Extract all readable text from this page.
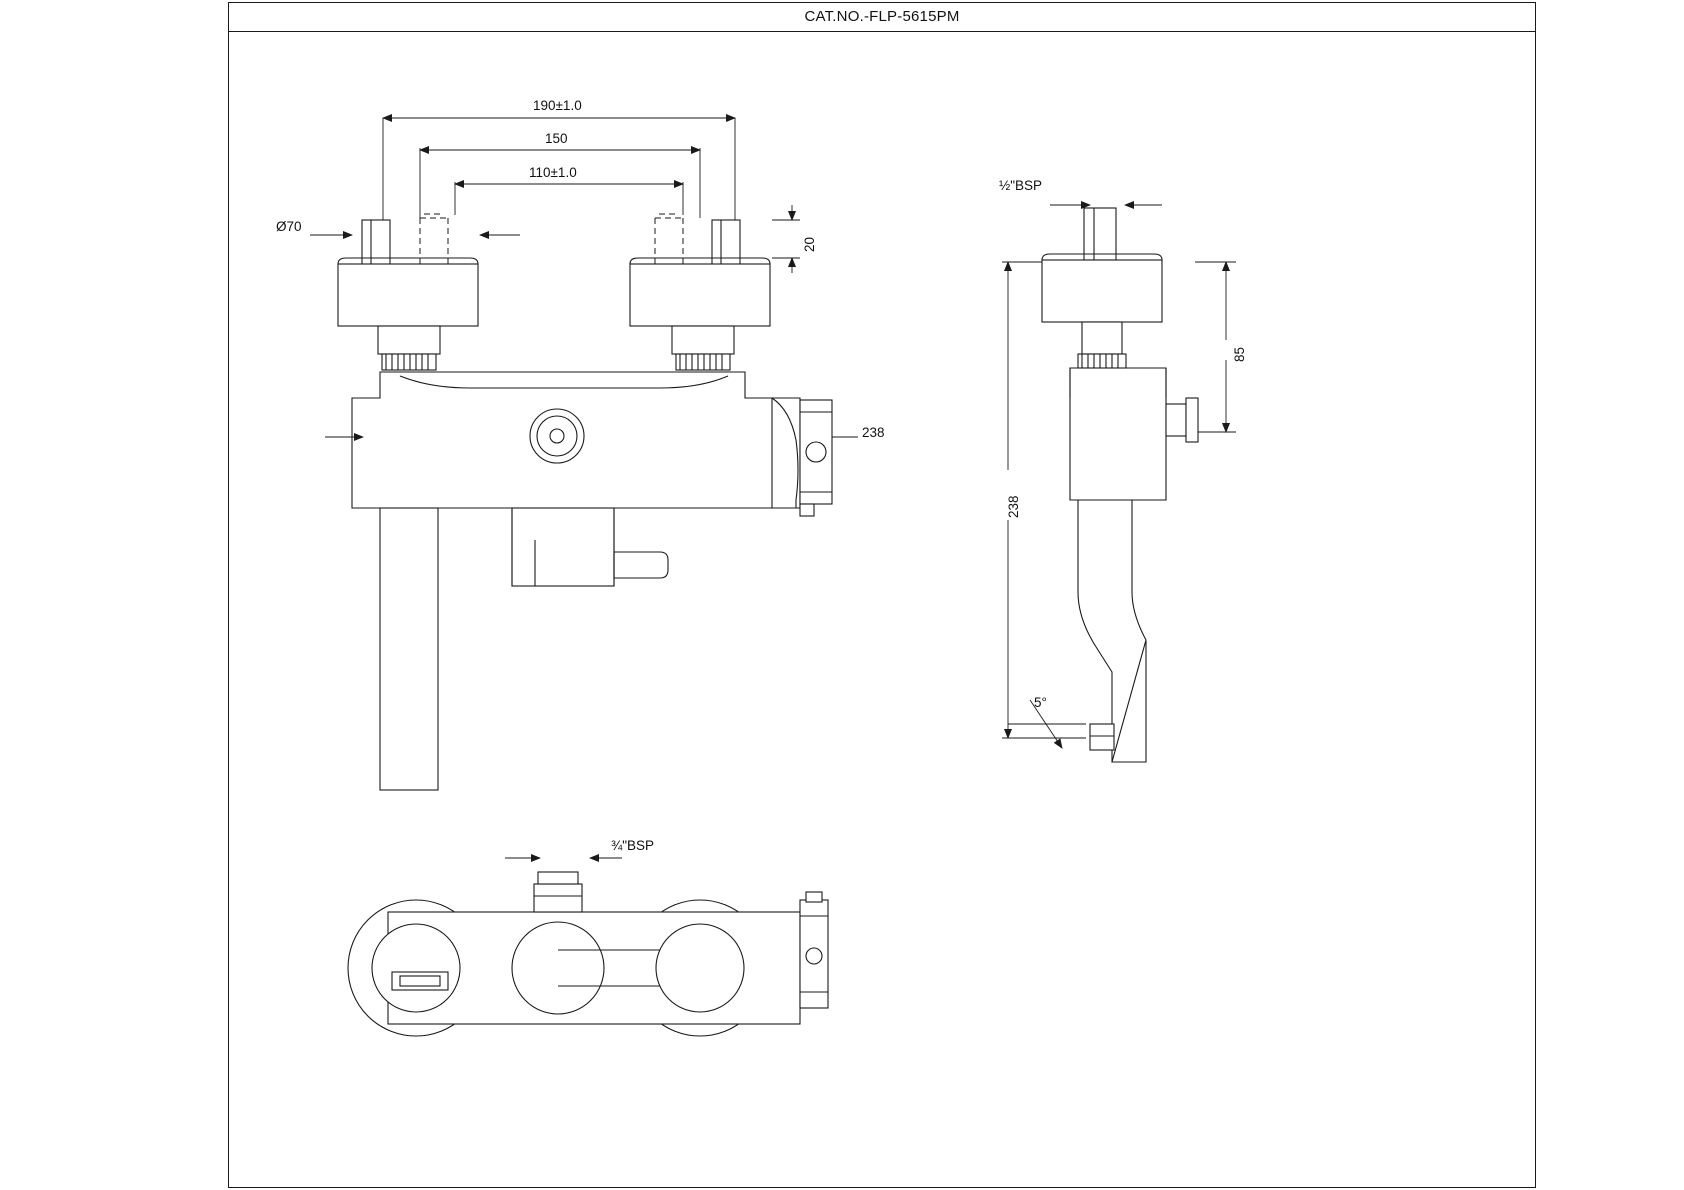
CAT.NO.-FLP-5615PM
190±1.0
150
110±1.0
Ø70
20
238
½"BSP
85
238
5°
¾"BSP
